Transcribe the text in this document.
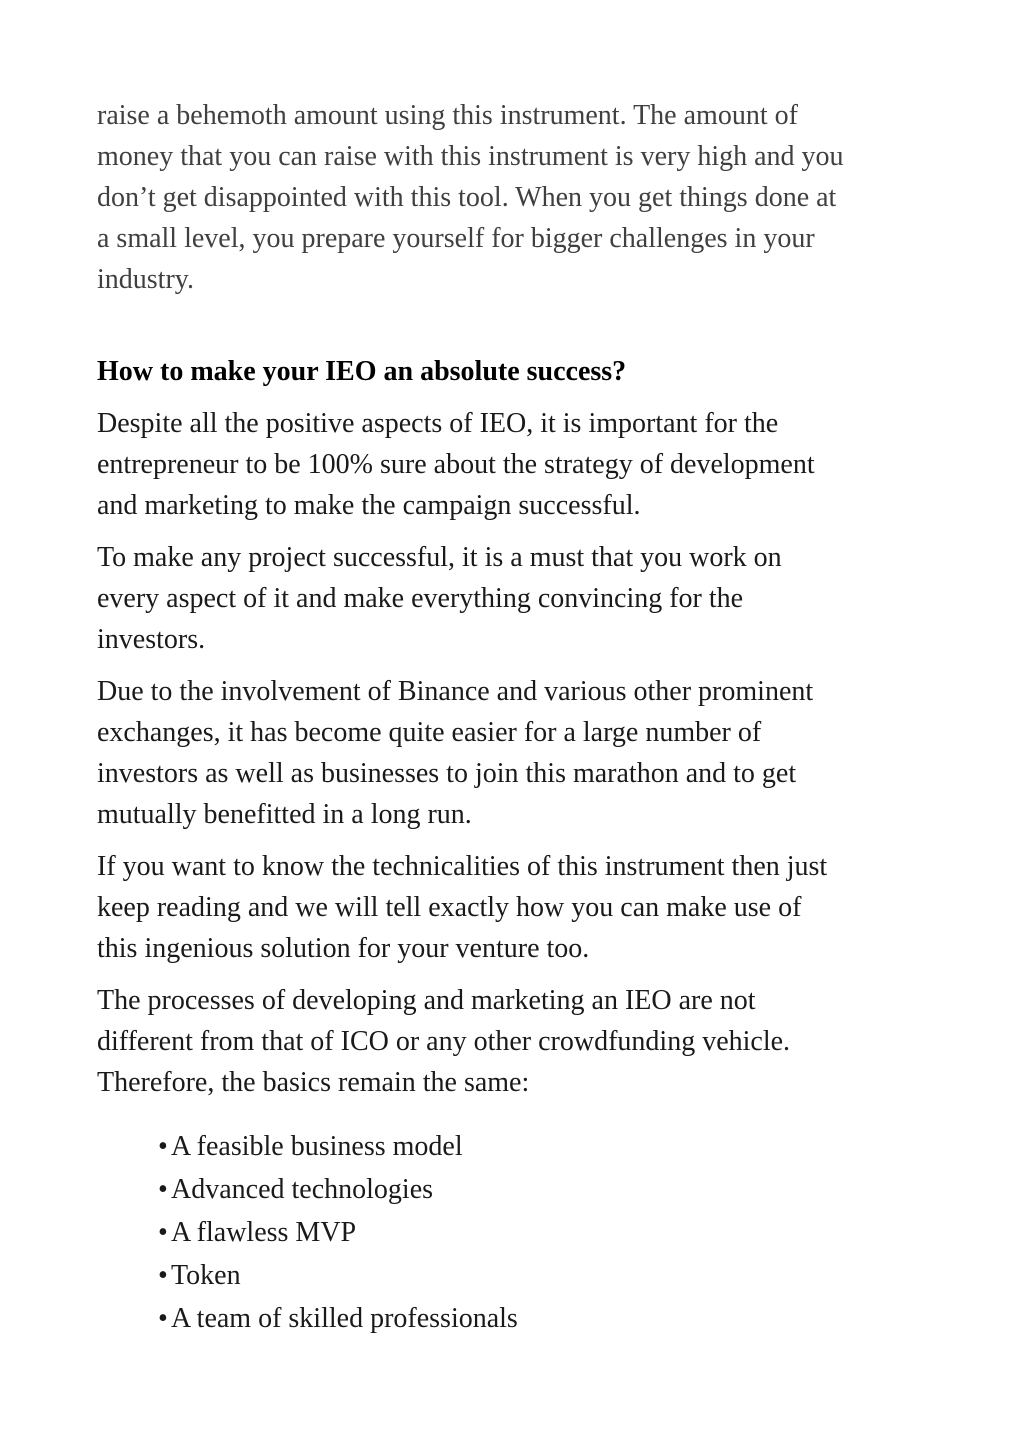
raise a behemoth amount using this instrument. The amount of
money that you can raise with this instrument is very high and you
don’t get disappointed with this tool. When you get things done at
a small level, you prepare yourself for bigger challenges in your
industry.

How to make your IEO an absolute success?

Despite all the positive aspects of IEO, it is important for the
entrepreneur to be 100% sure about the strategy of development
and marketing to make the campaign successful.

To make any project successful, it is a must that you work on
every aspect of it and make everything convincing for the
investors.

Due to the involvement of Binance and various other prominent
exchanges, it has become quite easier for a large number of
investors as well as businesses to join this marathon and to get
mutually benefitted in a long run.

If you want to know the technicalities of this instrument then just
keep reading and we will tell exactly how you can make use of
this ingenious solution for your venture too.

The processes of developing and marketing an IEO are not
different from that of ICO or any other crowdfunding vehicle.
Therefore, the basics remain the same:

• A feasible business model
• Advanced technologies
• A flawless MVP
• Token
• A team of skilled professionals
